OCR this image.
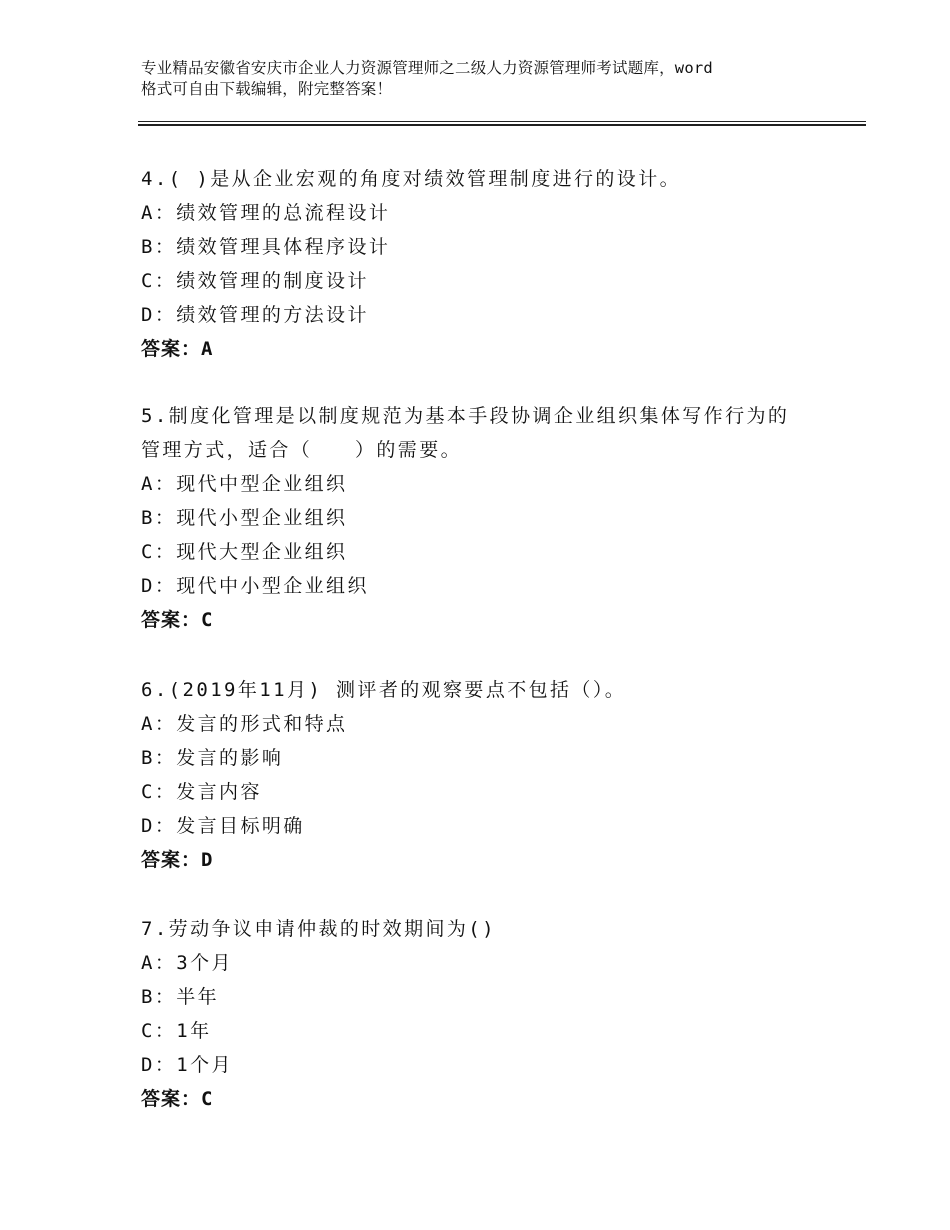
专业精品安徽省安庆市企业人力资源管理师之二级人力资源管理师考试题库，word
格式可自由下载编辑，附完整答案！
4.( )是从企业宏观的角度对绩效管理制度进行的设计。
A：绩效管理的总流程设计
B：绩效管理具体程序设计
C：绩效管理的制度设计
D：绩效管理的方法设计
答案：A
5.制度化管理是以制度规范为基本手段协调企业组织集体写作行为的
管理方式，适合（　　）的需要。
A：现代中型企业组织
B：现代小型企业组织
C：现代大型企业组织
D：现代中小型企业组织
答案：C
6.(2019年11月) 测评者的观察要点不包括（）。
A：发言的形式和特点
B：发言的影响
C：发言内容
D：发言目标明确
答案：D
7.劳动争议申请仲裁的时效期间为()
A：3个月
B：半年
C：1年
D：1个月
答案：C
